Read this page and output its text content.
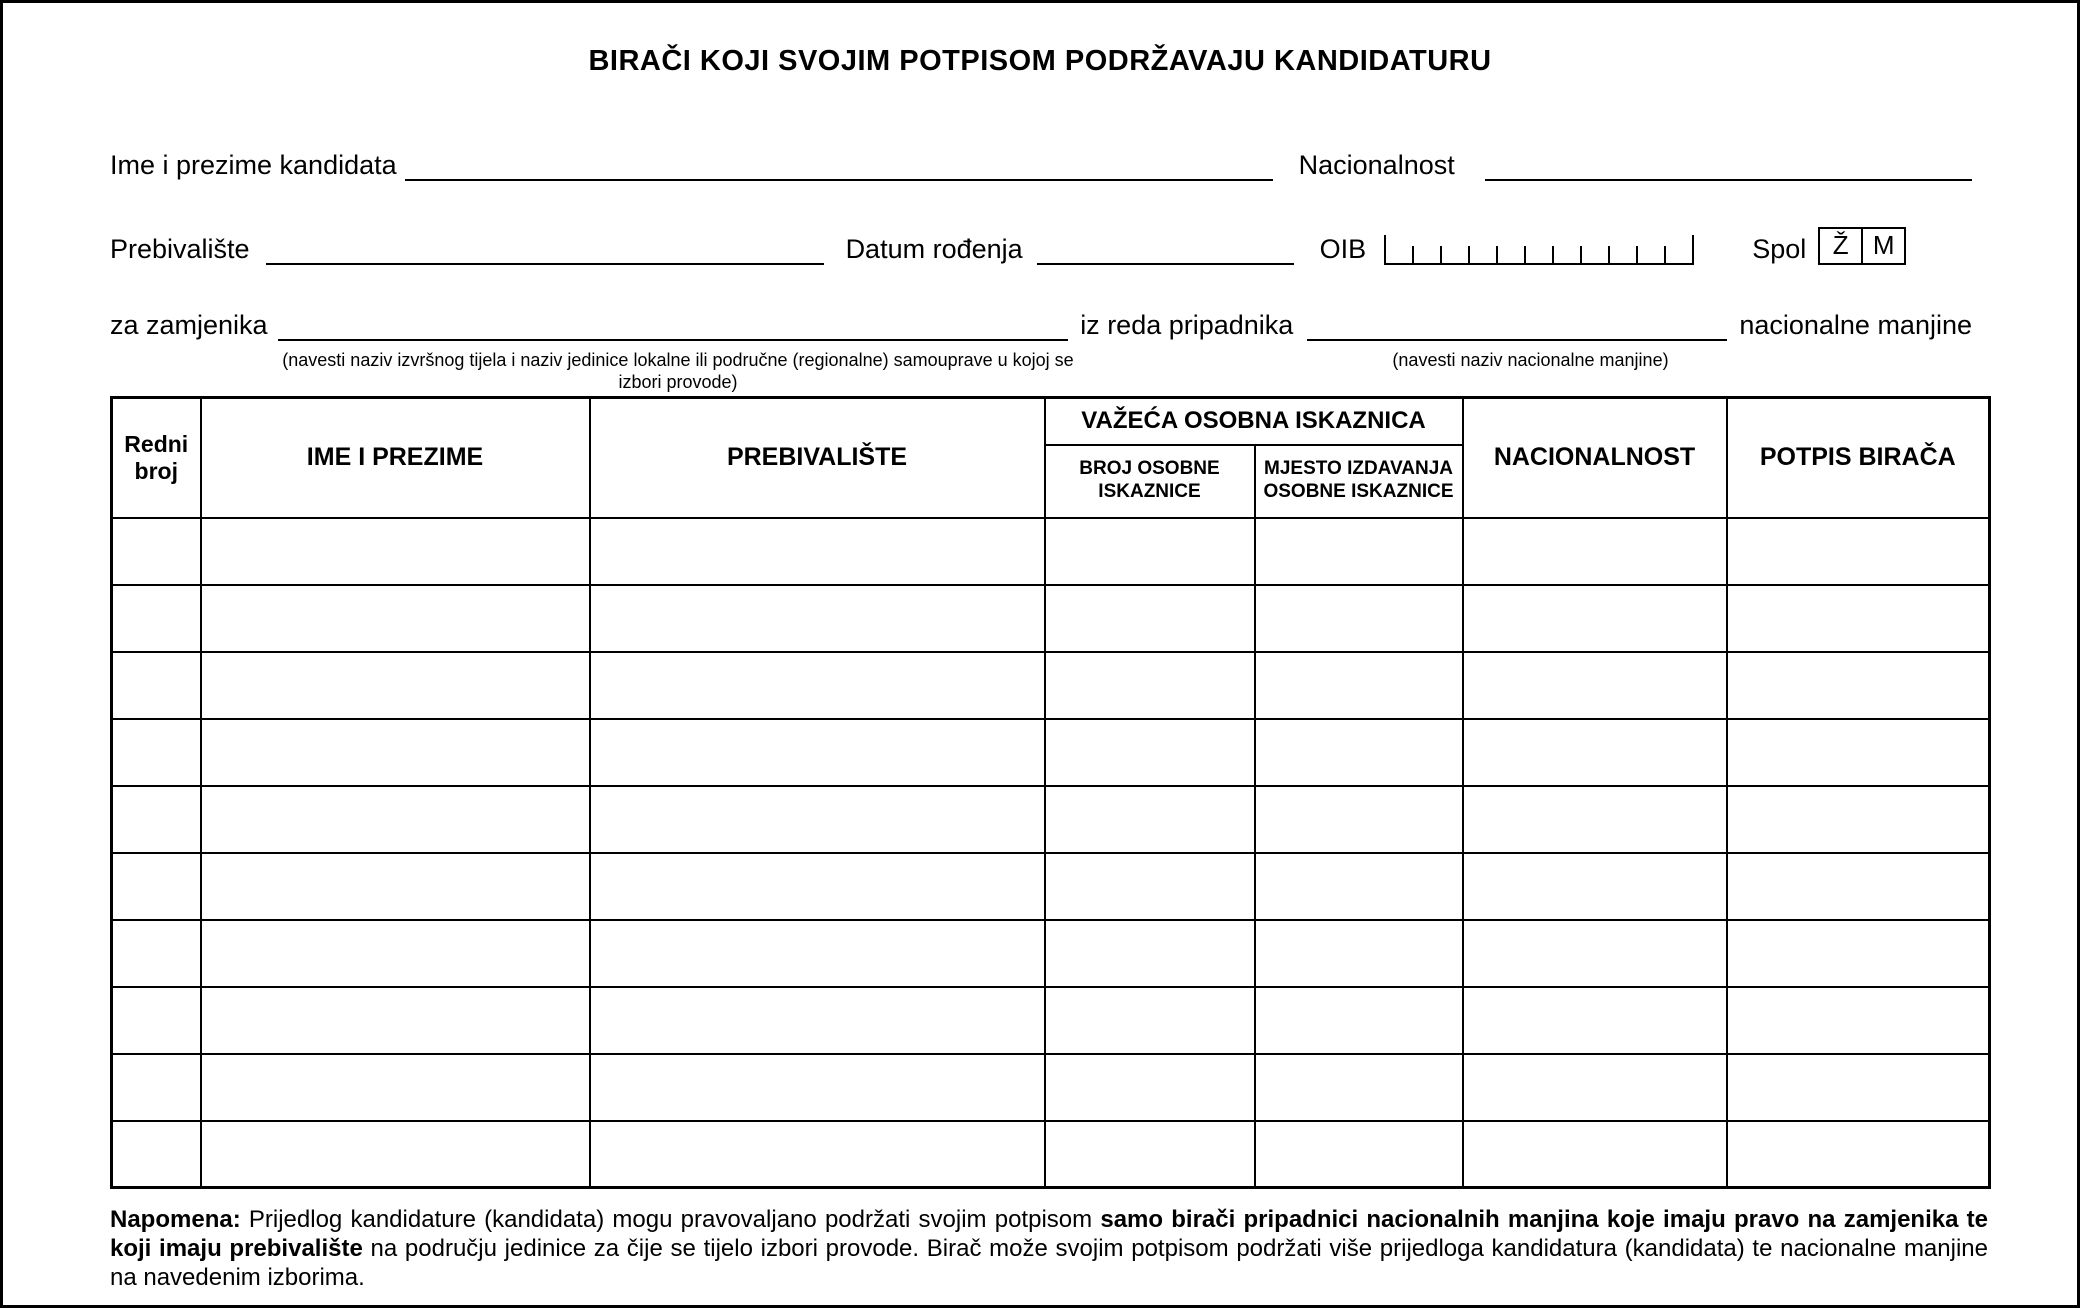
BIRAČI KOJI SVOJIM POTPISOM PODRŽAVAJU KANDIDATURU
Ime i prezime kandidata	Nacionalnost
Prebivalište	Datum rođenja	OIB	Spol	Ž M
za zamjenika	iz reda pripadnika	nacionalne manjine
(navesti naziv izvršnog tijela i naziv jedinice lokalne ili područne (regionalne) samouprave u kojoj se izbori provode)
(navesti naziv nacionalne manjine)
Redni broj	IME I PREZIME	PREBIVALIŠTE	VAŽEĆA OSOBNA ISKAZNICA		NACIONALNOST	POTPIS BIRAČA
			BROJ OSOBNE ISKAZNICE	MJESTO IZDAVANJA OSOBNE ISKAZNICE		

Napomena: Prijedlog kandidature (kandidata) mogu pravovaljano podržati svojim potpisom samo birači pripadnici nacionalnih manjina koje imaju pravo na zamjenika te koji imaju prebivalište na području jedinice za čije se tijelo izbori provode. Birač može svojim potpisom podržati više prijedloga kandidatura (kandidata) te nacionalne manjine na navedenim izborima.
